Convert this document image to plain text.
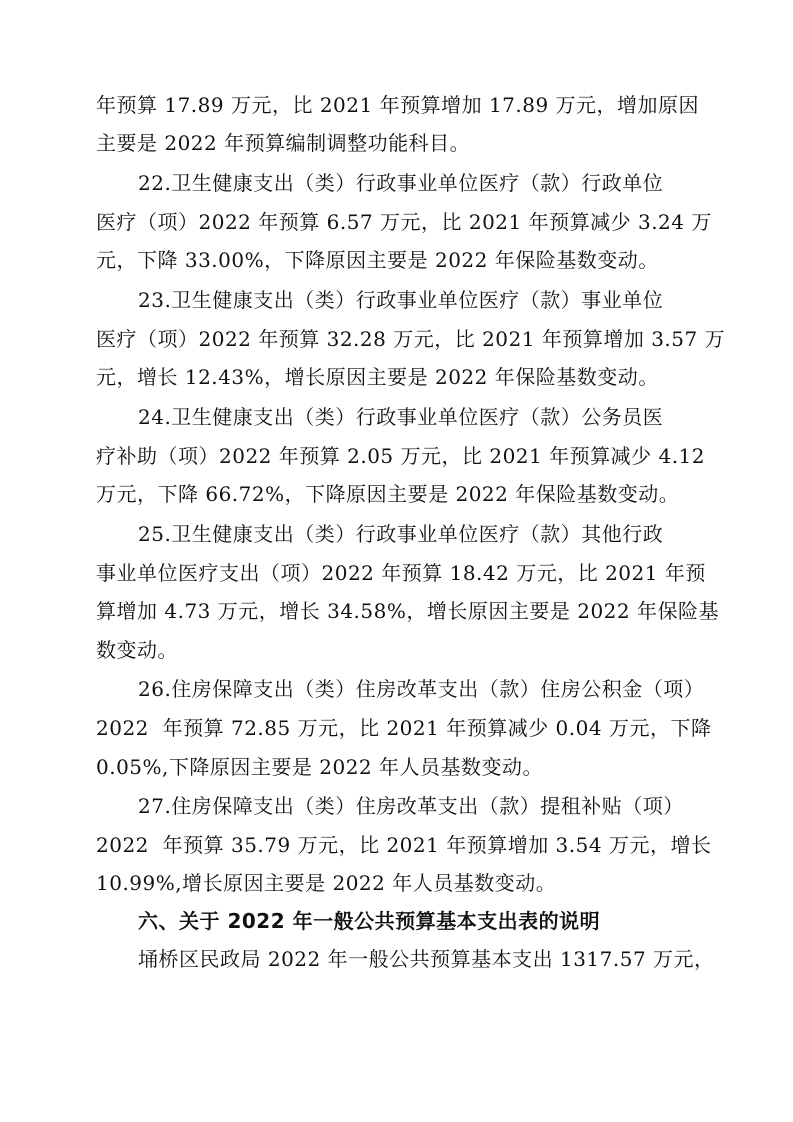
年预算 17.89 万元，比 2021 年预算增加 17.89 万元，增加原因
主要是 2022 年预算编制调整功能科目。
22.卫生健康支出（类）行政事业单位医疗（款）行政单位
医疗（项）2022 年预算 6.57 万元，比 2021 年预算减少 3.24 万
元，下降 33.00%，下降原因主要是 2022 年保险基数变动。
23.卫生健康支出（类）行政事业单位医疗（款）事业单位
医疗（项）2022 年预算 32.28 万元，比 2021 年预算增加 3.57 万
元，增长 12.43%，增长原因主要是 2022 年保险基数变动。
24.卫生健康支出（类）行政事业单位医疗（款）公务员医
疗补助（项）2022 年预算 2.05 万元，比 2021 年预算减少 4.12
万元，下降 66.72%，下降原因主要是 2022 年保险基数变动。
25.卫生健康支出（类）行政事业单位医疗（款）其他行政
事业单位医疗支出（项）2022 年预算 18.42 万元，比 2021 年预
算增加 4.73 万元，增长 34.58%，增长原因主要是 2022 年保险基
数变动。
26.住房保障支出（类）住房改革支出（款）住房公积金（项）
2022  年预算 72.85 万元，比 2021 年预算减少 0.04 万元，下降
0.05%,下降原因主要是 2022 年人员基数变动。
27.住房保障支出（类）住房改革支出（款）提租补贴（项）
2022  年预算 35.79 万元，比 2021 年预算增加 3.54 万元，增长
10.99%,增长原因主要是 2022 年人员基数变动。
六、关于 2022 年一般公共预算基本支出表的说明
埇桥区民政局 2022 年一般公共预算基本支出 1317.57 万元，
